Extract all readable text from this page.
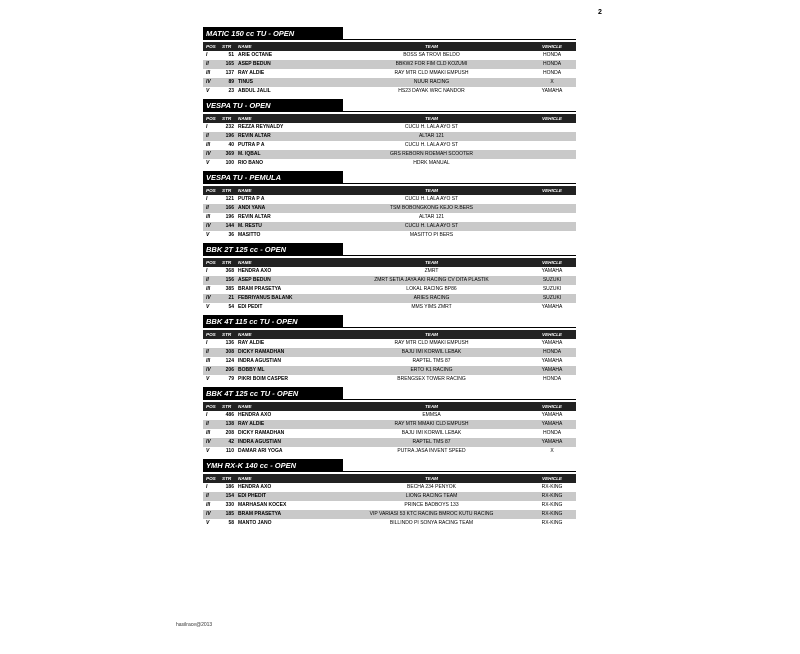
2
MATIC 150 cc TU - OPEN
POS	STR	NAME	TEAM	VEHICLE
I	51 ARIE OCTANE	BOSS SA TROVI BELDO	HONDA
II	165 ASEP BEDUN	BBKW2 FOR FIM CLD KOZUMI	HONDA
III	137 RAY ALDIE	RAY MTR CLD MMAKI EMPUSH	HONDA
IV	89 TINUS	NUUR RACING	X
V	23 ABDUL JALIL	HS23 DAYAK WRC NANDOR	YAMAHA
VESPA TU - OPEN
POS	STR	NAME	TEAM	VEHICLE
I	232 REZZA REYNALDY	CUCU H. LALA AYO ST
II	196 REVIN ALTAR	ALTAR 121
III	40 PUTRA P A	CUCU H. LALA AYO ST
IV	369 M. IQBAL	GRS REBORN ROEMAH SCOOTER
V	100 RIO BANO	HDRK MANUAL
VESPA TU - PEMULA
POS	STR	NAME	TEAM	VEHICLE
I	121 PUTRA P A	CUCU H. LALA AYO ST
II	166 ANDI YANA	TSM BOBONGKONG KEJO R.BERS
III	196 REVIN ALTAR	ALTAR 121
IV	144 M. RESTU	CUCU H. LALA AYO ST
V	36 MASITTO	MASITTO PI BERS
BBK 2T 125 cc - OPEN
POS	STR	NAME	TEAM	VEHICLE
I	368 HENDRA AXO	ZMRT	YAMAHA
II	156 ASEP BEDUN	ZMRT SETIA JAYA AKI RACING CV DITA PLASTIK	SUZUKI
III	385 BRAM PRASETYA	LOKAL RACING BP86	SUZUKI
IV	21 FEBRIYANUS BALANK	ARIES RACING	SUZUKI
V	54 EDI PEDIT	MMS YIMS ZMRT	YAMAHA
BBK 4T 115 cc TU - OPEN
POS	STR	NAME	TEAM	VEHICLE
I	136 RAY ALDIE	RAY MTR CLD MMAKI EMPUSH	YAMAHA
II	308 DICKY RAMADHAN	BAJU IMI KORWIL LEBAK	HONDA
III	124 INDRA AGUSTIAN	RAPTEL TMS 87	YAMAHA
IV	206 BOBBY ML	ERTO K1 RACING	YAMAHA
V	79 PIKRI BOIM CASPER	BRENGSEX TOWER RACING	HONDA
BBK 4T 125 cc TU - OPEN
POS	STR	NAME	TEAM	VEHICLE
I	486 HENDRA AXO	EMMSA	YAMAHA
II	138 RAY ALDIE	RAY MTR MMAKI CLD EMPUSH	YAMAHA
III	208 DICKY RAMADHAN	BAJU IMI KORWIL LEBAK	HONDA
IV	42 INDRA AGUSTIAN	RAPTEL TMS 87	YAMAHA
V	110 DAMAR ARI YOGA	PUTRA JASA INVENT SPEED	X
YMH RX-K 140 cc - OPEN
POS	STR	NAME	TEAM	VEHICLE
I	186 HENDRA AXO	BECHA 234 PENYOK	RX-KING
II	154 EDI PHEDIT	LIONG RACING TEAM	RX-KING
III	330 MARHASAN KOCEX	PRINCE BADBOYS 133	RX-KING
IV	185 BRAM PRASETYA	VIP VARIASI 53 KTC RACING BMROC KUTU RACING	RX-KING
V	58 MANTO JANO	BILLINDO PI SONYA RACING TEAM	RX-KING
hasilrace@2013
